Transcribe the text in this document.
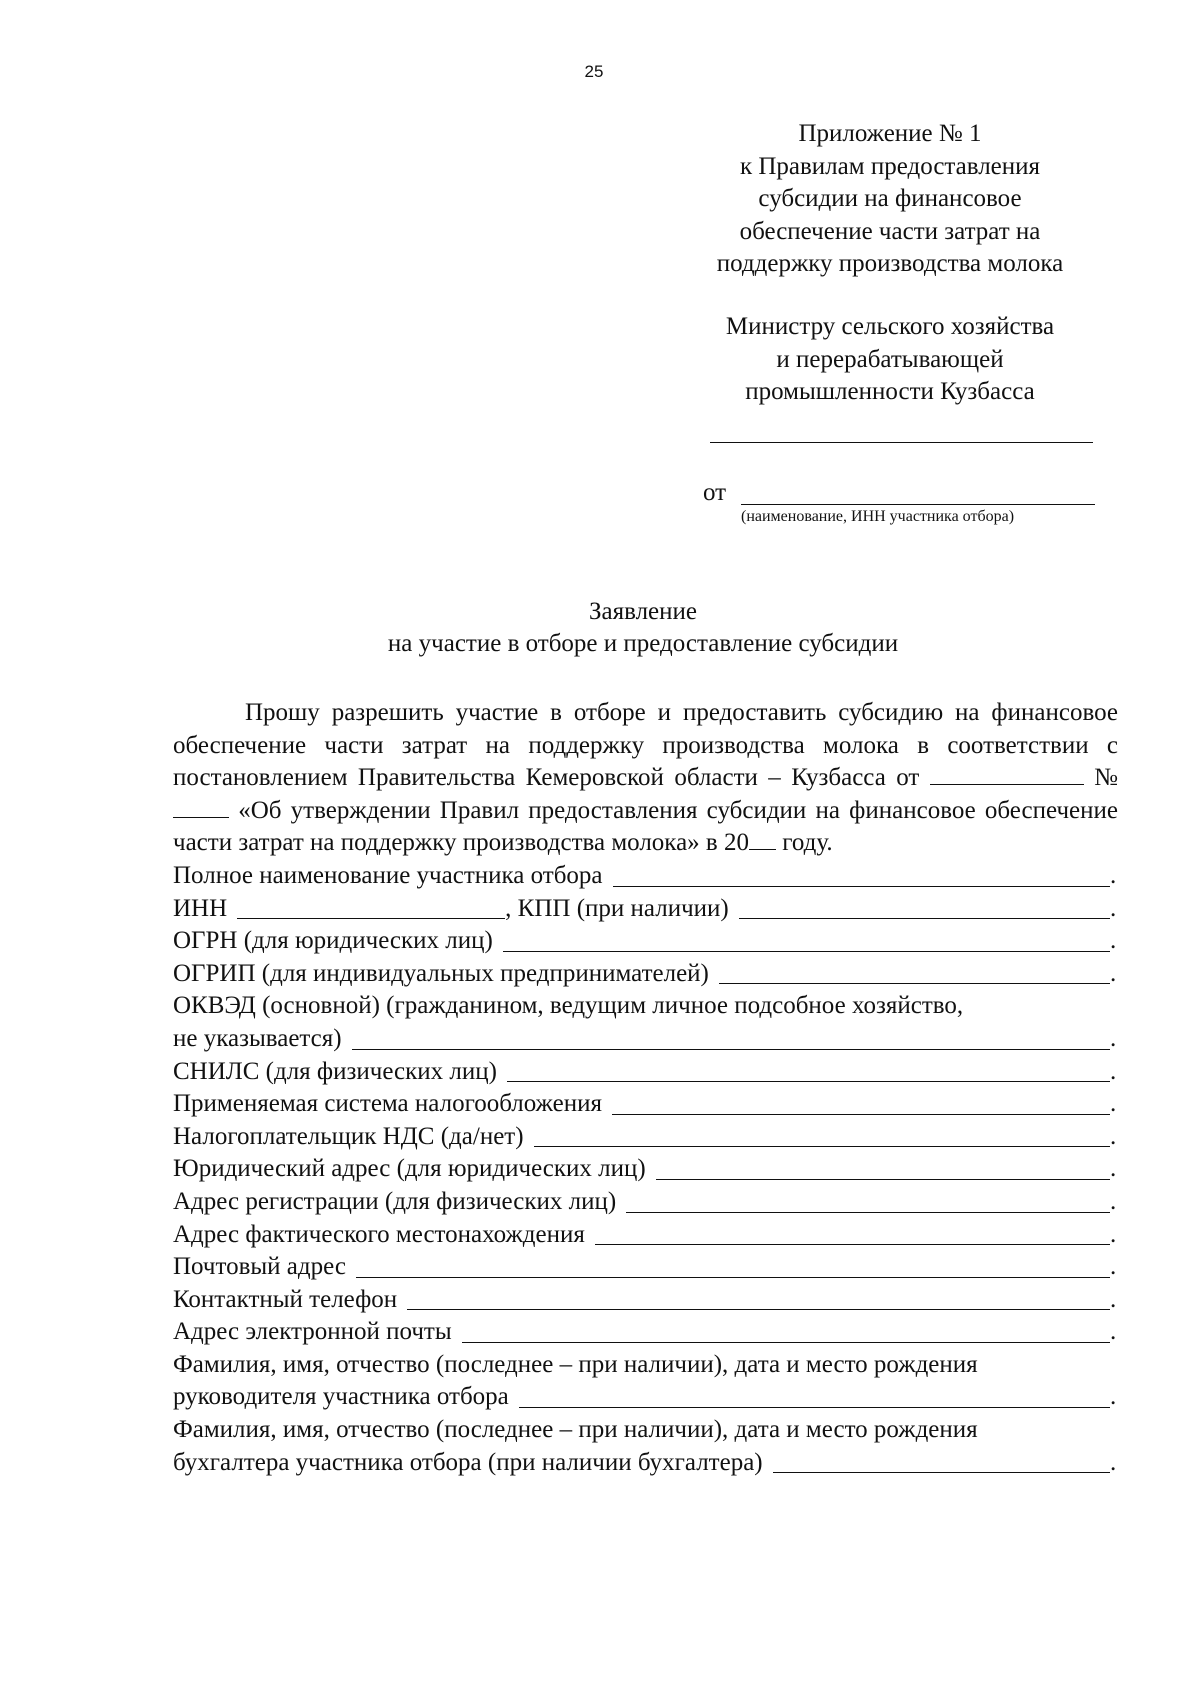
25
Приложение № 1
к Правилам предоставления
субсидии на финансовое
обеспечение части затрат на
поддержку производства молока
Министру сельского хозяйства
и перерабатывающей
промышленности Кузбасса
от
(наименование, ИНН участника отбора)
Заявление
на участие в отборе и предоставление субсидии
Прошу разрешить участие в отборе и предоставить субсидию на финансовое обеспечение части затрат на поддержку производства молока в соответствии с постановлением Правительства Кемеровской области – Кузбасса от	№  «Об утверждении Правил предоставления субсидии на финансовое обеспечение части затрат на поддержку производства молока» в 20 году.
Полное наименование участника отбора	.
ИНН	, КПП (при наличии)	.
ОГРН (для юридических лиц)	.
ОГРИП (для индивидуальных предпринимателей)	.
ОКВЭД (основной) (гражданином, ведущим личное подсобное хозяйство,
не указывается)	.
СНИЛС (для физических лиц)	.
Применяемая система налогообложения	.
Налогоплательщик НДС (да/нет)	.
Юридический адрес (для юридических лиц)	.
Адрес регистрации (для физических лиц)	.
Адрес фактического местонахождения	.
Почтовый адрес	.
Контактный телефон	.
Адрес электронной почты	.
Фамилия, имя, отчество (последнее – при наличии), дата и место рождения
руководителя участника отбора	.
Фамилия, имя, отчество (последнее – при наличии), дата и место рождения
бухгалтера участника отбора (при наличии бухгалтера)	.
